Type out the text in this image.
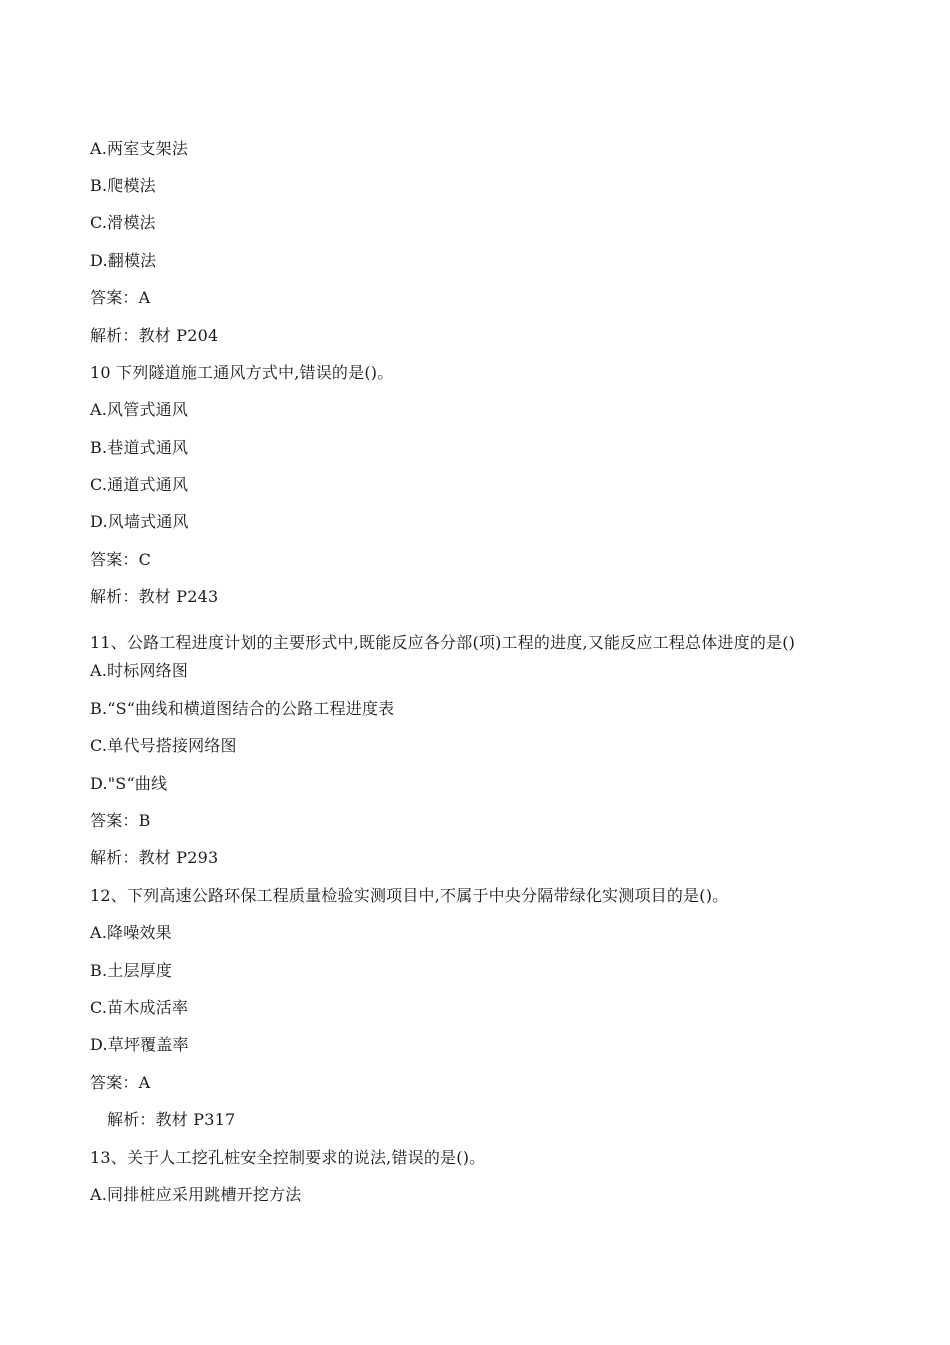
A.两室支架法
B.爬模法
C.滑模法
D.翻模法
答案：A
解析：教材 P204
10 下列隧道施工通风方式中,错误的是()。
A.风管式通风
B.巷道式通风
C.通道式通风
D.风墙式通风
答案：C
解析：教材 P243
11、公路工程进度计划的主要形式中,既能反应各分部(项)工程的进度,又能反应工程总体进度的是()
A.时标网络图
B.“S“曲线和横道图结合的公路工程进度表
C.单代号搭接网络图
D."S“曲线
答案：B
解析：教材 P293
12、下列高速公路环保工程质量检验实测项目中,不属于中央分隔带绿化实测项目的是()。
A.降噪效果
B.土层厚度
C.苗木成活率
D.草坪覆盖率
答案：A
解析：教材 P317
13、关于人工挖孔桩安全控制要求的说法,错误的是()。
A.同排桩应采用跳槽开挖方法
